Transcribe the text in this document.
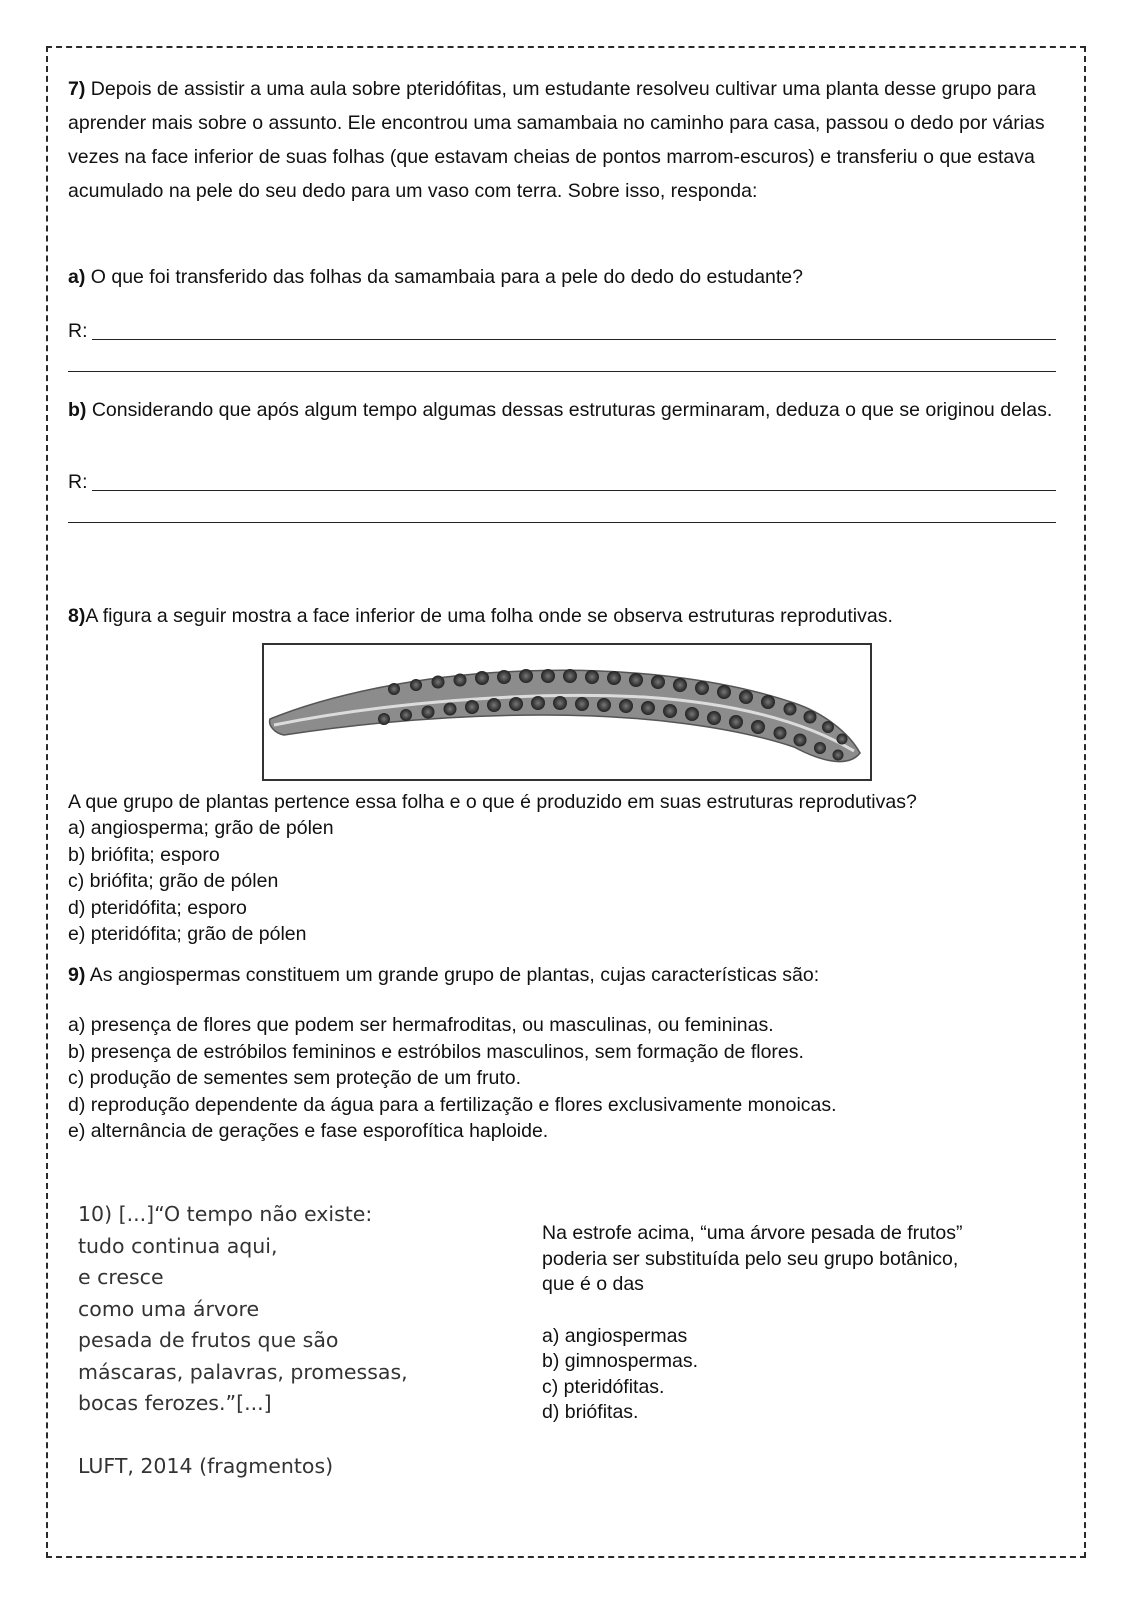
7) Depois de assistir a uma aula sobre pteridófitas, um estudante resolveu cultivar uma planta desse grupo para aprender mais sobre o assunto. Ele encontrou uma samambaia no caminho para casa, passou o dedo por várias vezes na face inferior de suas folhas (que estavam cheias de pontos marrom-escuros) e transferiu o que estava acumulado na pele do seu dedo para um vaso com terra. Sobre isso, responda:
a) O que foi transferido das folhas da samambaia para a pele do dedo do estudante?
R:
b) Considerando que após algum tempo algumas dessas estruturas germinaram, deduza o que se originou delas.
R:
8)A figura a seguir mostra a face inferior de uma folha onde se observa estruturas reprodutivas.
A que grupo de plantas pertence essa folha e o que é produzido em suas estruturas reprodutivas?
a) angiosperma; grão de pólen
b) briófita; esporo
c) briófita; grão de pólen
d) pteridófita; esporo
e) pteridófita; grão de pólen
9) As angiospermas constituem um grande grupo de plantas, cujas características são:
a) presença de flores que podem ser hermafroditas, ou masculinas, ou femininas.
b) presença de estróbilos femininos e estróbilos masculinos, sem formação de flores.
c) produção de sementes sem proteção de um fruto.
d) reprodução dependente da água para a fertilização e flores exclusivamente monoicas.
e) alternância de gerações e fase esporofítica haploide.
10) [...]“O tempo não existe:
tudo continua aqui,
e cresce
como uma árvore
pesada de frutos que são
máscaras, palavras, promessas,
bocas ferozes.”[...]
LUFT, 2014 (fragmentos)
Na estrofe acima, “uma árvore pesada de frutos”
poderia ser substituída pelo seu grupo botânico,
que é o das
a) angiospermas
b) gimnospermas.
c) pteridófitas.
d) briófitas.
